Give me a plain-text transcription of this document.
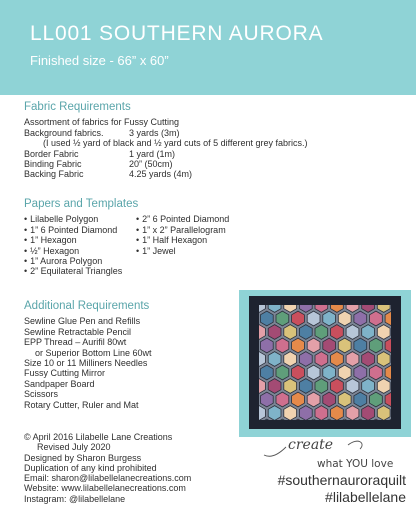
LL001 SOUTHERN AURORA
Finished size - 66” x 60”
Fabric Requirements
Assortment of fabrics for Fussy Cutting
Background fabrics.	3 yards (3m)
(I used ½ yard of black and ½ yard cuts of 5 different grey fabrics.)
Border Fabric	1 yard (1m)
Binding Fabric	20” (50cm)
Backing Fabric	4.25 yards (4m)
Papers and Templates
• Lilabelle Polygon
• 1” 6 Pointed Diamond
• 1” Hexagon
• ½” Hexagon
• 1” Aurora Polygon
• 2” Equilateral Triangles
• 2” 6 Pointed Diamond
• 1” x 2” Parallelogram
• 1” Half Hexagon
• 1” Jewel
Additional Requirements
Sewline Glue Pen and Refills
Sewline Retractable Pencil
EPP Thread – Aurifil 80wt
or Superior Bottom Line 60wt
Size 10 or 11 Milliners Needles
Fussy Cutting Mirror
Sandpaper Board
Scissors
Rotary Cutter, Ruler and Mat
© April 2016 Lilabelle Lane Creations
Revised July 2020
Designed by Sharon Burgess
Duplication of any kind prohibited
Email: sharon@lilabellelanecreations.com
Website: www.lilabellelanecreations.com
Instagram: @lilabellelane
create
what YOU love
#southernauroraquilt
#lilabellelane
